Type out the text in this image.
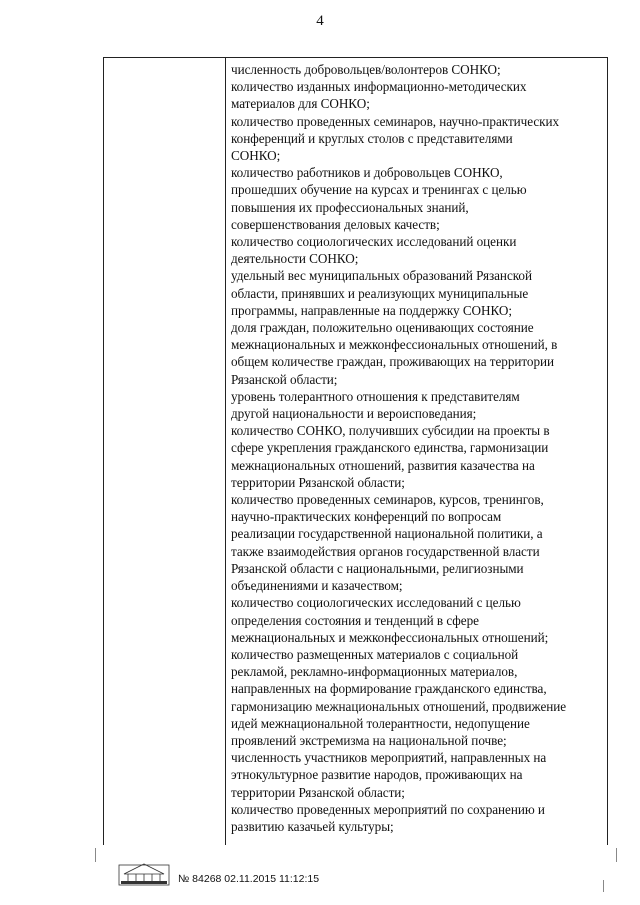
4
численность добровольцев/волонтеров СОНКО;
количество изданных информационно-методических
материалов для СОНКО;
количество проведенных семинаров, научно-практических
конференций и круглых столов с представителями
СОНКО;
количество работников и добровольцев СОНКО,
прошедших обучение на курсах и тренингах с целью
повышения их профессиональных знаний,
совершенствования деловых качеств;
количество социологических исследований оценки
деятельности СОНКО;
удельный вес муниципальных образований Рязанской
области, принявших и реализующих муниципальные
программы, направленные на поддержку СОНКО;
доля граждан, положительно оценивающих состояние
межнациональных и межконфессиональных отношений, в
общем количестве граждан, проживающих на территории
Рязанской области;
уровень толерантного отношения к представителям
другой национальности и вероисповедания;
количество СОНКО, получивших субсидии на проекты в
сфере укрепления гражданского единства, гармонизации
межнациональных отношений, развития казачества на
территории Рязанской области;
количество проведенных семинаров, курсов, тренингов,
научно-практических конференций по вопросам
реализации государственной национальной политики, а
также взаимодействия органов государственной власти
Рязанской области с национальными, религиозными
объединениями и казачеством;
количество социологических исследований с целью
определения состояния и тенденций в сфере
межнациональных и межконфессиональных отношений;
количество размещенных материалов с социальной
рекламой, рекламно-информационных материалов,
направленных на формирование гражданского единства,
гармонизацию межнациональных отношений, продвижение
идей межнациональной толерантности, недопущение
проявлений экстремизма на национальной почве;
численность участников мероприятий, направленных на
этнокультурное развитие народов, проживающих на
территории Рязанской области;
количество проведенных мероприятий по сохранению и
развитию казачьей культуры;
№ 84268 02.11.2015 11:12:15
